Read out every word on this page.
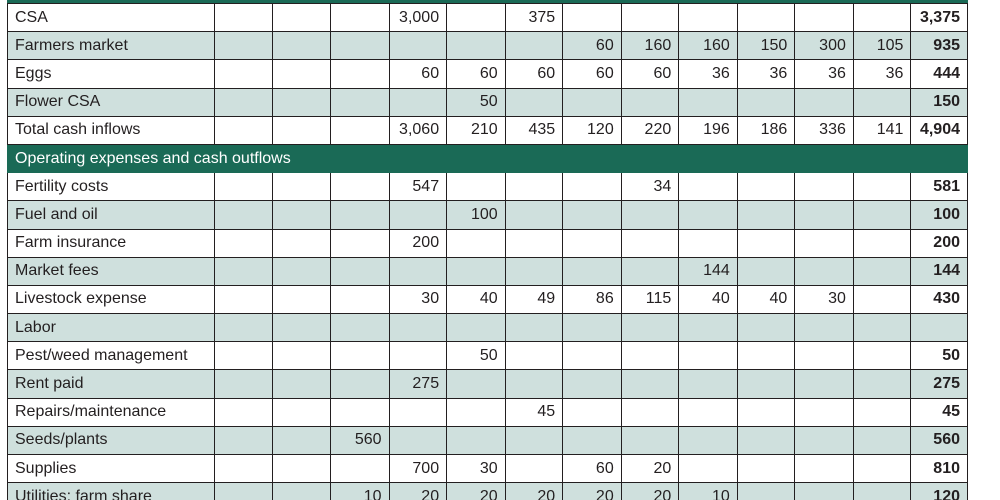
CSA				3,000		375							3,375
Farmers market							60	160	160	150	300	105	935
Eggs				60	60	60	60	60	36	36	36	36	444
Flower CSA					50								150
Total cash inflows				3,060	210	435	120	220	196	186	336	141	4,904
Operating expenses and cash outflows													
Fertility costs				547				34					581
Fuel and oil					100								100
Farm insurance				200									200
Market fees									144				144
Livestock expense				30	40	49	86	115	40	40	30		430
Labor													
Pest/weed management					50								50
Rent paid				275									275
Repairs/maintenance						45							45
Seeds/plants			560										560
Supplies				700	30		60	20					810
Utilities: farm share			10	20	20	20	20	20	10				120
